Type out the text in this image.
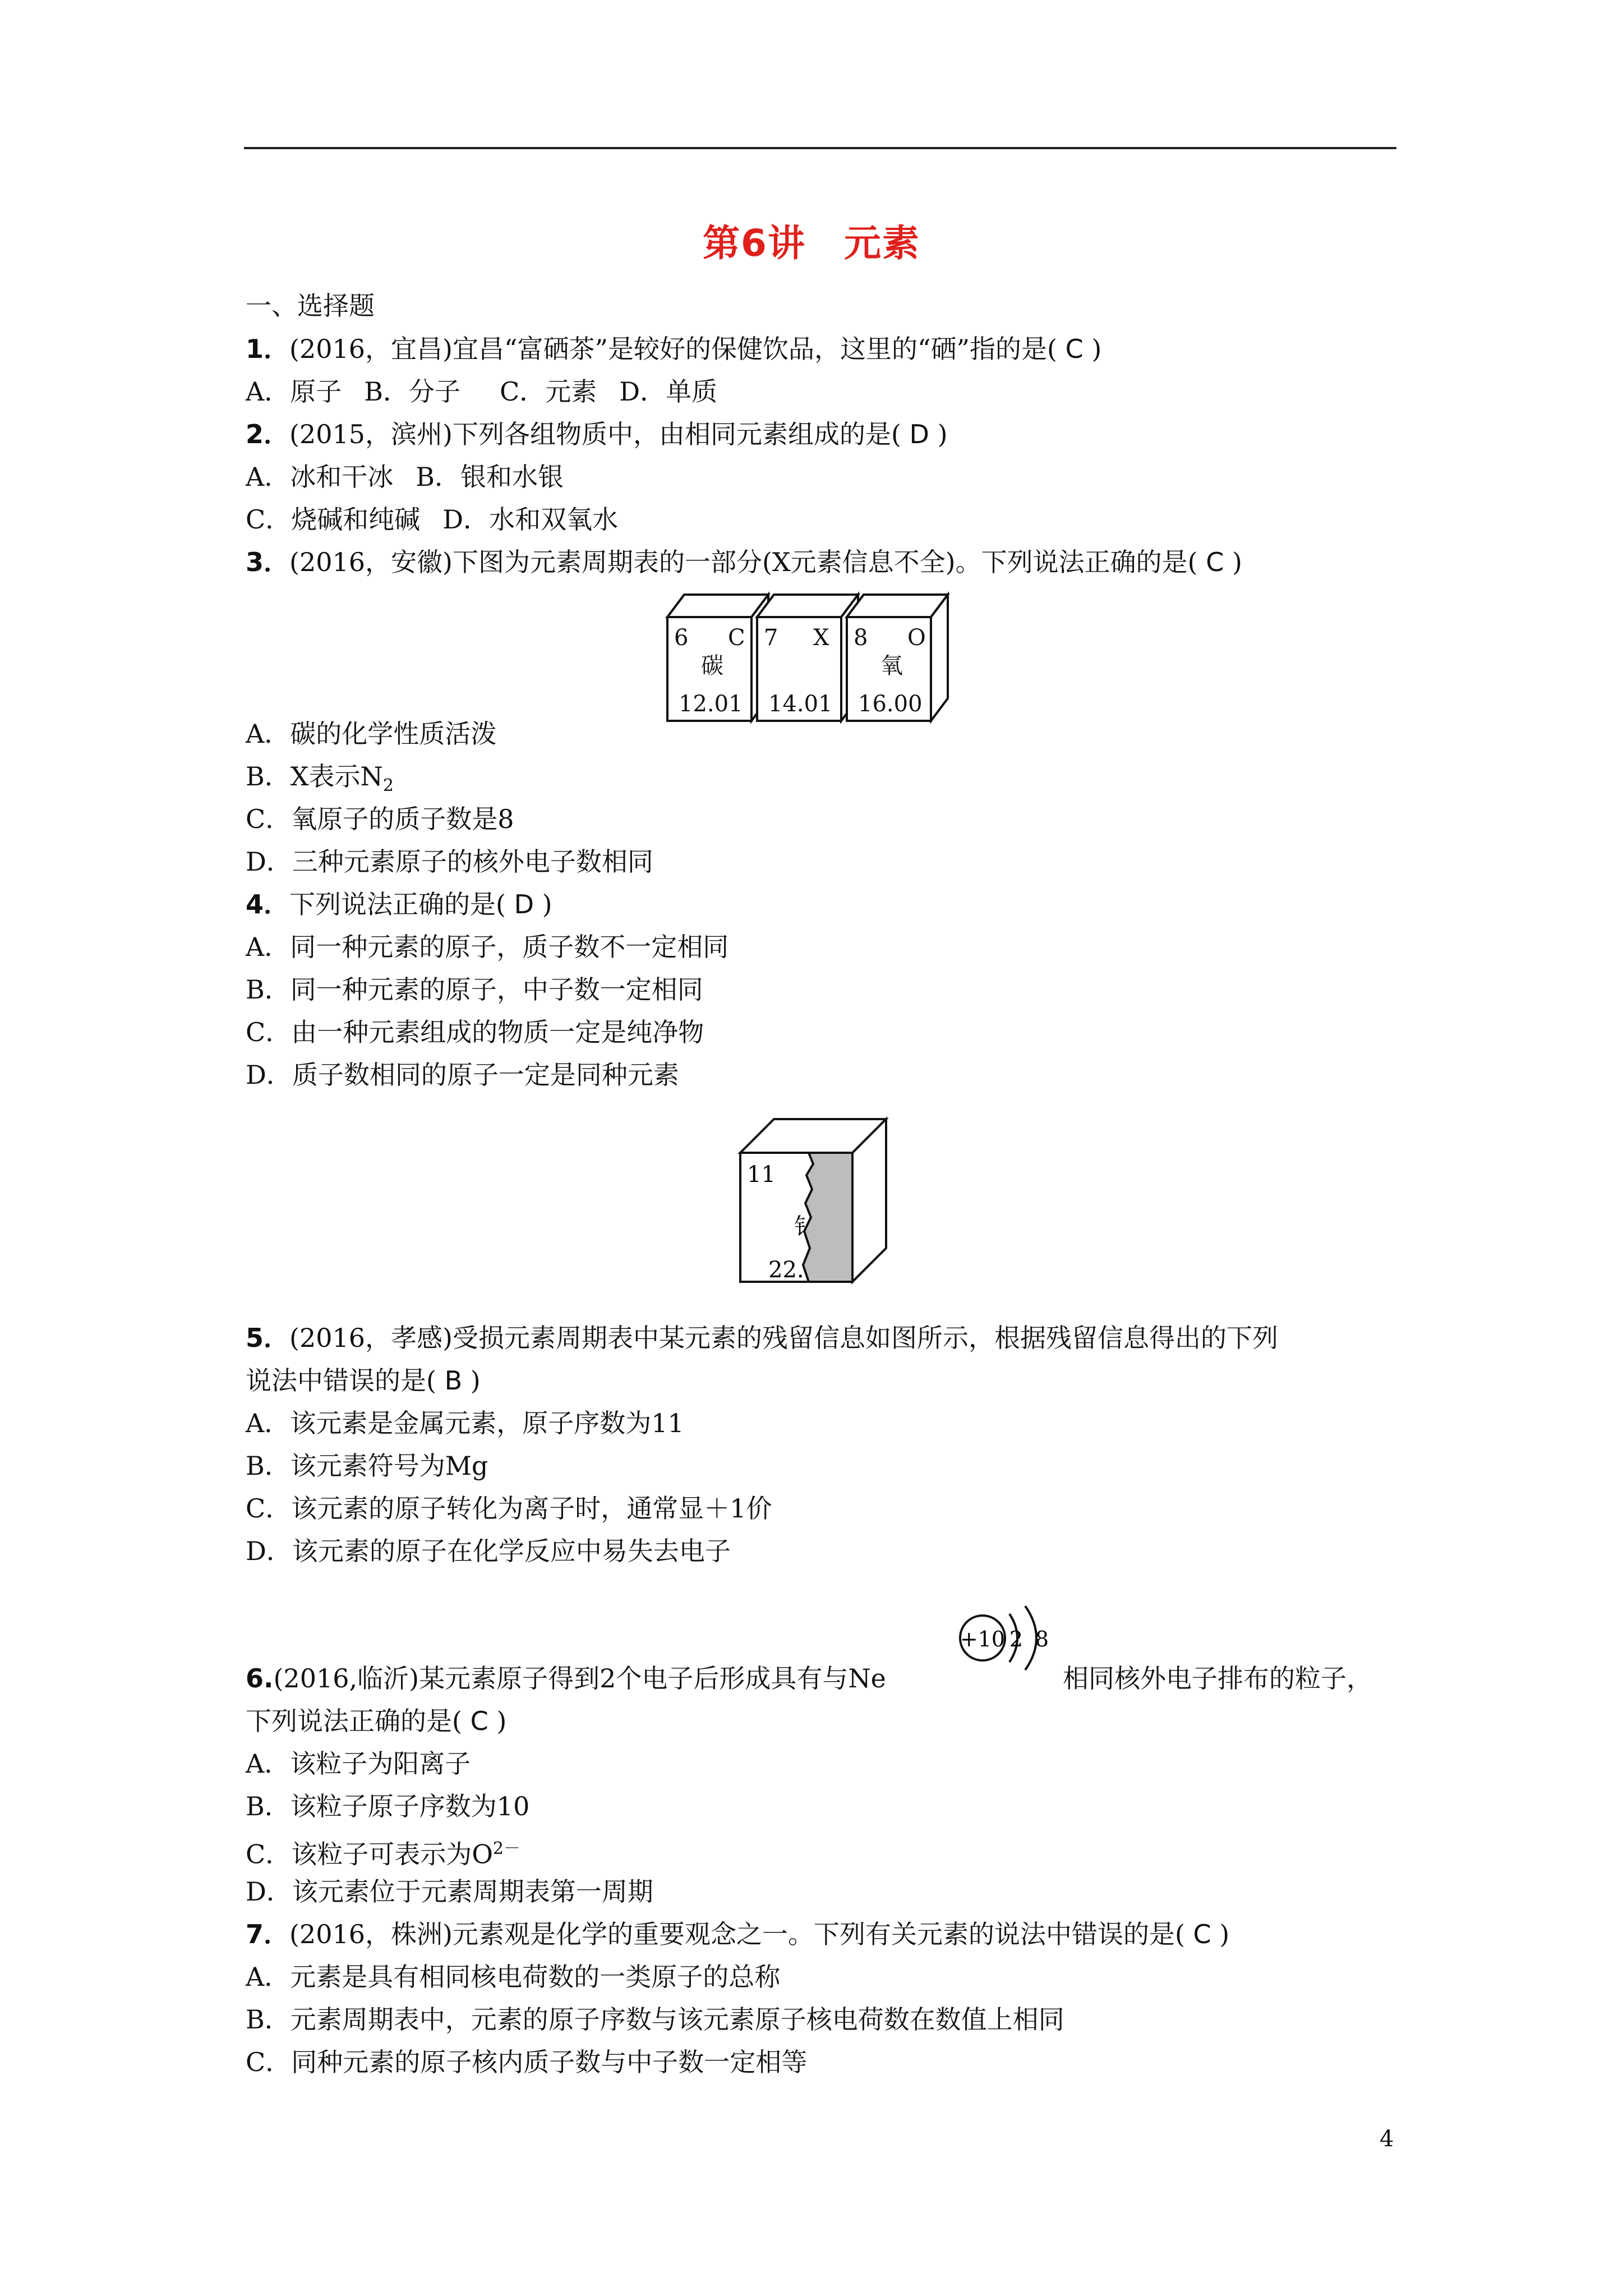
第6讲　元素
一、选择题
1．(2016，宜昌)宜昌“富硒茶”是较好的保健饮品，这里的“硒”指的是( C )
A．原子 B．分子 C．元素 D．单质
2．(2015，滨州)下列各组物质中，由相同元素组成的是( D )
A．冰和干冰 B．银和水银
C．烧碱和纯碱 D．水和双氧水
3．(2016，安徽)下图为元素周期表的一部分(X元素信息不全)。下列说法正确的是( C )
6 C
碳
12.01
7 X
14.01
8 O
氧
16.00
A．碳的化学性质活泼
B．X表示$N_2$
C．氧原子的质子数是8
D．三种元素原子的核外电子数相同
4．下列说法正确的是( D )
A．同一种元素的原子，质子数不一定相同
B．同一种元素的原子，中子数一定相同
C．由一种元素组成的物质一定是纯净物
D．质子数相同的原子一定是同种元素
11
钅
22.
5．(2016，孝感)受损元素周期表中某元素的残留信息如图所示，根据残留信息得出的下列
说法中错误的是( B )
A．该元素是金属元素，原子序数为11
B．该元素符号为Mg
C．该元素的原子转化为离子时，通常显＋1价
D．该元素的原子在化学反应中易失去电子
+10 2 8
6.(2016,临沂)某元素原子得到2个电子后形成具有与Ne	相同核外电子排布的粒子，
下列说法正确的是( C )
A．该粒子为阳离子
B．该粒子原子序数为10
C．该粒子可表示为$O^{2-}$
D．该元素位于元素周期表第一周期
7．(2016，株洲)元素观是化学的重要观念之一。下列有关元素的说法中错误的是( C )
A．元素是具有相同核电荷数的一类原子的总称
B．元素周期表中，元素的原子序数与该元素原子核电荷数在数值上相同
C．同种元素的原子核内质子数与中子数一定相等
4
